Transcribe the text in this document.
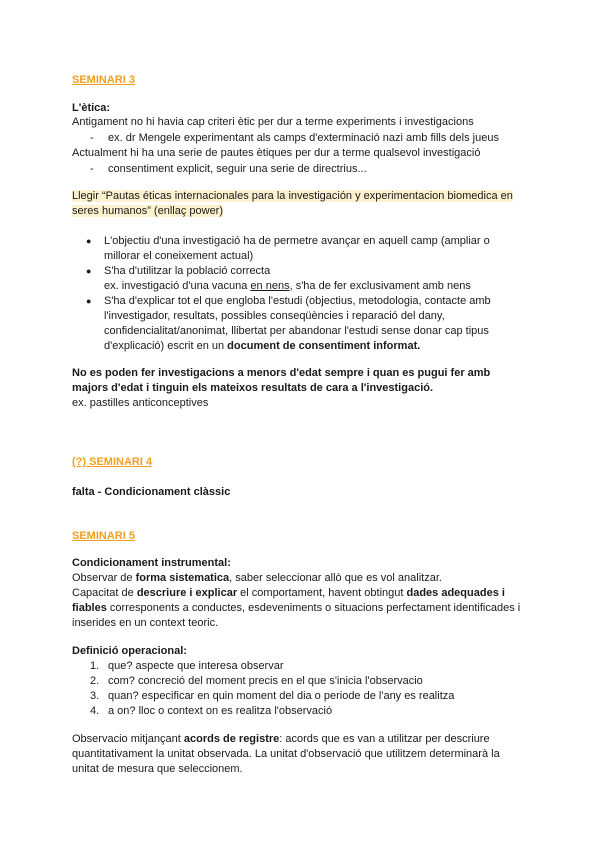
SEMINARI 3
L'ètica:
Antigament no hi havia cap criteri ètic per dur a terme experiments i investigacions
- ex. dr Mengele experimentant als camps d'exterminació nazi amb fills dels jueus
Actualment hi ha una serie de pautes ètiques per dur a terme qualsevol investigació
- consentiment explicit, seguir una serie de directrius...
Llegir “Pautas éticas internacionales para la investigación y experimentacion biomedica en
seres humanos” (enllaç power)
● L'objectiu d'una investigació ha de permetre avançar en aquell camp (ampliar o
millorar el coneixement actual)
● S'ha d'utilitzar la població correcta
ex. investigació d'una vacuna en nens, s'ha de fer exclusivament amb nens
● S'ha d'explicar tot el que engloba l'estudi (objectius, metodologia, contacte amb
l'investigador, resultats, possibles conseqüències i reparació del dany,
confidencialitat/anonimat, llibertat per abandonar l'estudi sense donar cap tipus
d'explicació) escrit en un document de consentiment informat.
No es poden fer investigacions a menors d'edat sempre i quan es pugui fer amb
majors d'edat i tinguin els mateixos resultats de cara a l'investigació.
ex. pastilles anticonceptives
(?) SEMINARI 4
falta - Condicionament clàssic
SEMINARI 5
Condicionament instrumental:
Observar de forma sistematica, saber seleccionar allò que es vol analitzar.
Capacitat de descriure i explicar el comportament, havent obtingut dades adequades i
fiables corresponents a conductes, esdeveniments o situacions perfectament identificades i
inserides en un context teoric.
Definició operacional:
1. que? aspecte que interesa observar
2. com? concreció del moment precis en el que s'inicia l'observacio
3. quan? especificar en quin moment del dia o periode de l'any es realitza
4. a on? lloc o context on es realitza l'observació
Observacio mitjançant acords de registre: acords que es van a utilitzar per descriure
quantitativament la unitat observada. La unitat d'observació que utilitzem determinarà la
unitat de mesura que seleccionem.
